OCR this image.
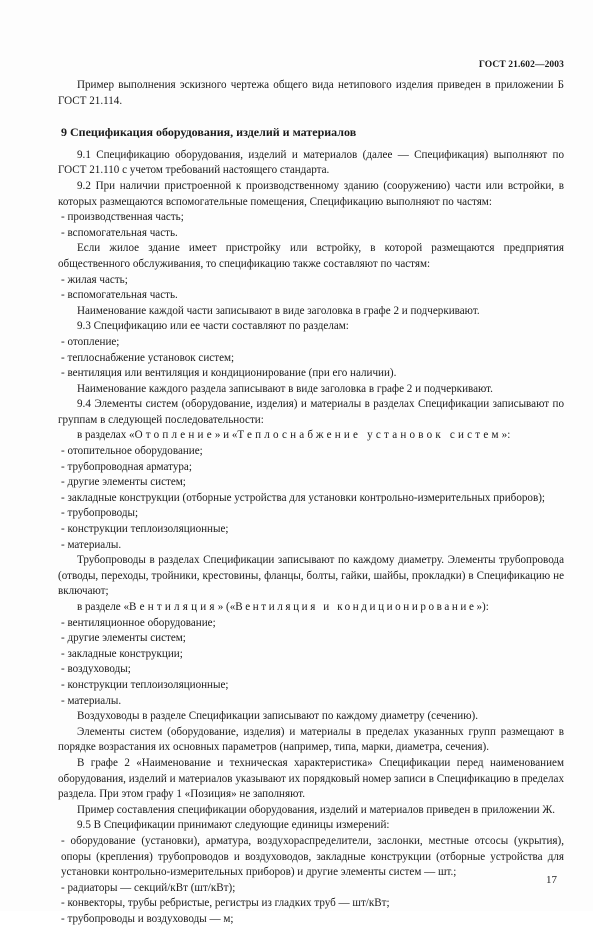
ГОСТ 21.602—2003

Пример выполнения эскизного чертежа общего вида нетипового изделия приведен в приложении Б ГОСТ 21.114.

9 Спецификация оборудования, изделий и материалов

9.1 Спецификацию оборудования, изделий и материалов (далее — Спецификация) выполняют по ГОСТ 21.110 с учетом требований настоящего стандарта.

9.2 При наличии пристроенной к производственному зданию (сооружению) части или встройки, в которых размещаются вспомогательные помещения, Спецификацию выполняют по частям:

- производственная часть;

- вспомогательная часть.

Если жилое здание имеет пристройку или встройку, в которой размещаются предприятия общественного обслуживания, то спецификацию также составляют по частям:

- жилая часть;

- вспомогательная часть.

Наименование каждой части записывают в виде заголовка в графе 2 и подчеркивают.

9.3 Спецификацию или ее части составляют по разделам:

- отопление;

- теплоснабжение установок систем;

- вентиляция или вентиляция и кондиционирование (при его наличии).

Наименование каждого раздела записывают в виде заголовка в графе 2 и подчеркивают.

9.4 Элементы систем (оборудование, изделия) и материалы в разделах Спецификации записывают по группам в следующей последовательности:

в разделах «Отопление» и «Теплоснабжение установок систем»:

- отопительное оборудование;

- трубопроводная арматура;

- другие элементы систем;

- закладные конструкции (отборные устройства для установки контрольно-измерительных приборов);

- трубопроводы;

- конструкции теплоизоляционные;

- материалы.

Трубопроводы в разделах Спецификации записывают по каждому диаметру. Элементы трубопровода (отводы, переходы, тройники, крестовины, фланцы, болты, гайки, шайбы, прокладки) в Спецификацию не включают;

в разделе «Вентиляция» («Вентиляция и кондиционирование»):

- вентиляционное оборудование;

- другие элементы систем;

- закладные конструкции;

- воздуховоды;

- конструкции теплоизоляционные;

- материалы.

Воздуховоды в разделе Спецификации записывают по каждому диаметру (сечению).

Элементы систем (оборудование, изделия) и материалы в пределах указанных групп размещают в порядке возрастания их основных параметров (например, типа, марки, диаметра, сечения).

В графе 2 «Наименование и техническая характеристика» Спецификации перед наименованием оборудования, изделий и материалов указывают их порядковый номер записи в Спецификацию в пределах раздела. При этом графу 1 «Позиция» не заполняют.

Пример составления спецификации оборудования, изделий и материалов приведен в приложении Ж.

9.5 В Спецификации принимают следующие единицы измерений:

- оборудование (установки), арматура, воздухораспределители, заслонки, местные отсосы (укрытия), опоры (крепления) трубопроводов и воздуховодов, закладные конструкции (отборные устройства для установки контрольно-измерительных приборов) и другие элементы систем — шт.;

- радиаторы — секций/кВт (шт/кВт);

- конвекторы, трубы ребристые, регистры из гладких труб — шт/кВт;

- трубопроводы и воздуховоды — м;

17
